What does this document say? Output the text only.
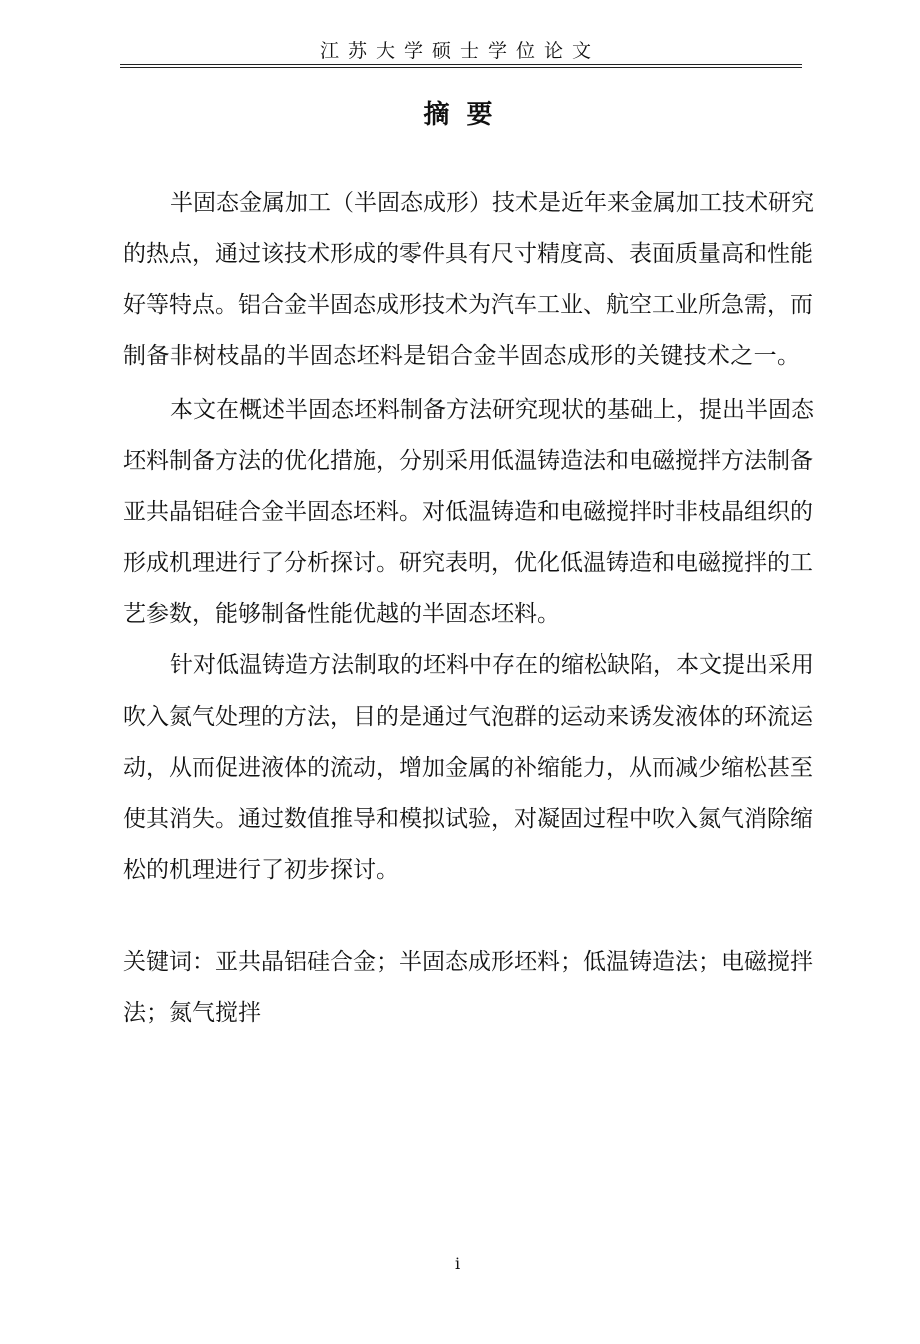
江苏大学硕士学位论文
摘 要
半固态金属加工（半固态成形）技术是近年来金属加工技术研究
的热点，通过该技术形成的零件具有尺寸精度高、表面质量高和性能
好等特点。铝合金半固态成形技术为汽车工业、航空工业所急需，而
制备非树枝晶的半固态坯料是铝合金半固态成形的关键技术之一。
本文在概述半固态坯料制备方法研究现状的基础上，提出半固态
坯料制备方法的优化措施，分别采用低温铸造法和电磁搅拌方法制备
亚共晶铝硅合金半固态坯料。对低温铸造和电磁搅拌时非枝晶组织的
形成机理进行了分析探讨。研究表明，优化低温铸造和电磁搅拌的工
艺参数，能够制备性能优越的半固态坯料。
针对低温铸造方法制取的坯料中存在的缩松缺陷，本文提出采用
吹入氮气处理的方法，目的是通过气泡群的运动来诱发液体的环流运
动，从而促进液体的流动，增加金属的补缩能力，从而减少缩松甚至
使其消失。通过数值推导和模拟试验，对凝固过程中吹入氮气消除缩
松的机理进行了初步探讨。
关键词：亚共晶铝硅合金；半固态成形坯料；低温铸造法；电磁搅拌
法；氮气搅拌
i
